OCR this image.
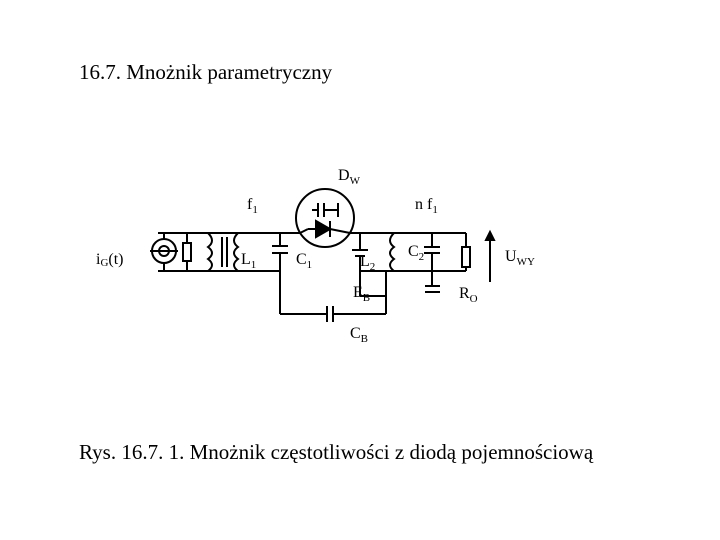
16.7. Mnożnik parametryczny
$D_W$
$f_1$	n $f_1$
iG(t)	$L_1$ $C_1$	$L_2$
$C_2$	$U_{WY}$
$E_B$	$R_O$
$C_B$
Rys. 16.7. 1. Mnożnik częstotliwości z diodą pojemnościową
